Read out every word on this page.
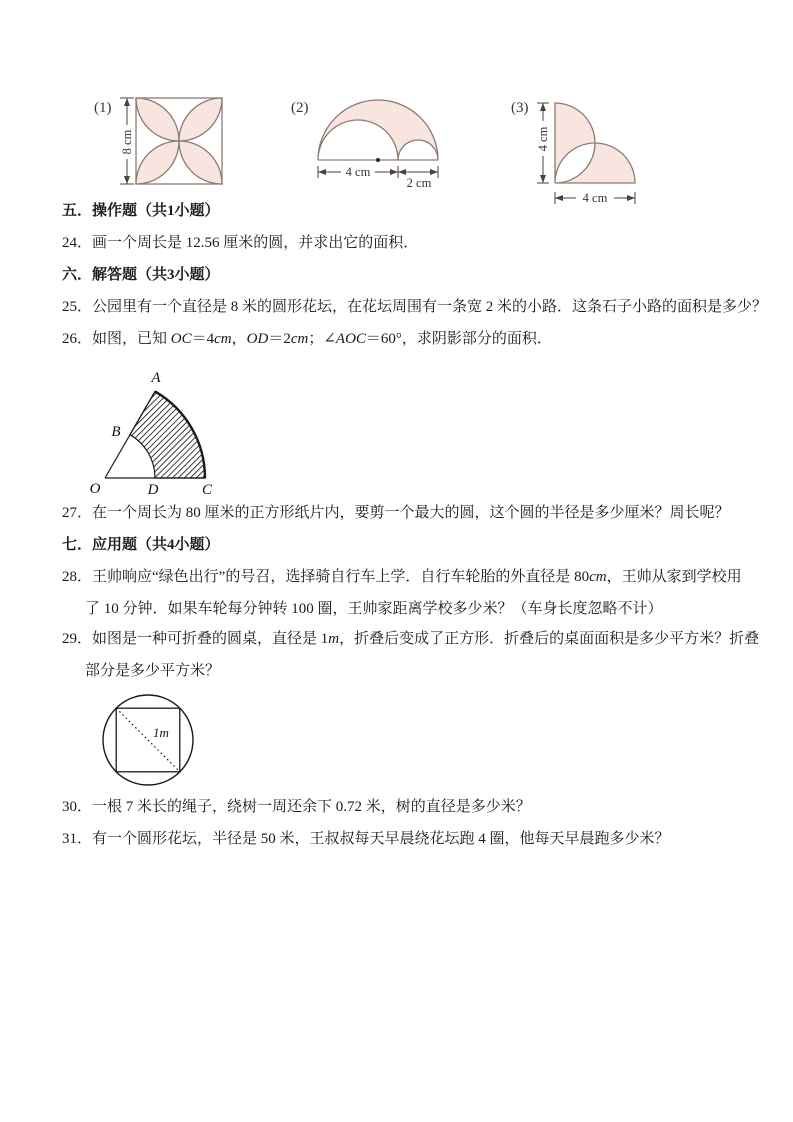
(1)
8 cm
(2)
4 cm
2 cm
(3)
4 cm
4 cm
五．操作题（共1小题）
24．画一个周长是 12.56 厘米的圆，并求出它的面积．
六．解答题（共3小题）
25．公园里有一个直径是 8 米的圆形花坛，在花坛周围有一条宽 2 米的小路．这条石子小路的面积是多少？
26．如图，已知 OC＝4cm，OD＝2cm；∠AOC＝60°，求阴影部分的面积．
A
B
O	D	C
27．在一个周长为 80 厘米的正方形纸片内，要剪一个最大的圆，这个圆的半径是多少厘米？周长呢？
七．应用题（共4小题）
28．王帅响应“绿色出行”的号召，选择骑自行车上学．自行车轮胎的外直径是 80cm，王帅从家到学校用
了 10 分钟．如果车轮每分钟转 100 圈，王帅家距离学校多少米？（车身长度忽略不计）
29．如图是一种可折叠的圆桌，直径是 1m，折叠后变成了正方形．折叠后的桌面面积是多少平方米？折叠
部分是多少平方米？
1m
30．一根 7 米长的绳子，绕树一周还余下 0.72 米，树的直径是多少米？
31．有一个圆形花坛，半径是 50 米，王叔叔每天早晨绕花坛跑 4 圈，他每天早晨跑多少米？
